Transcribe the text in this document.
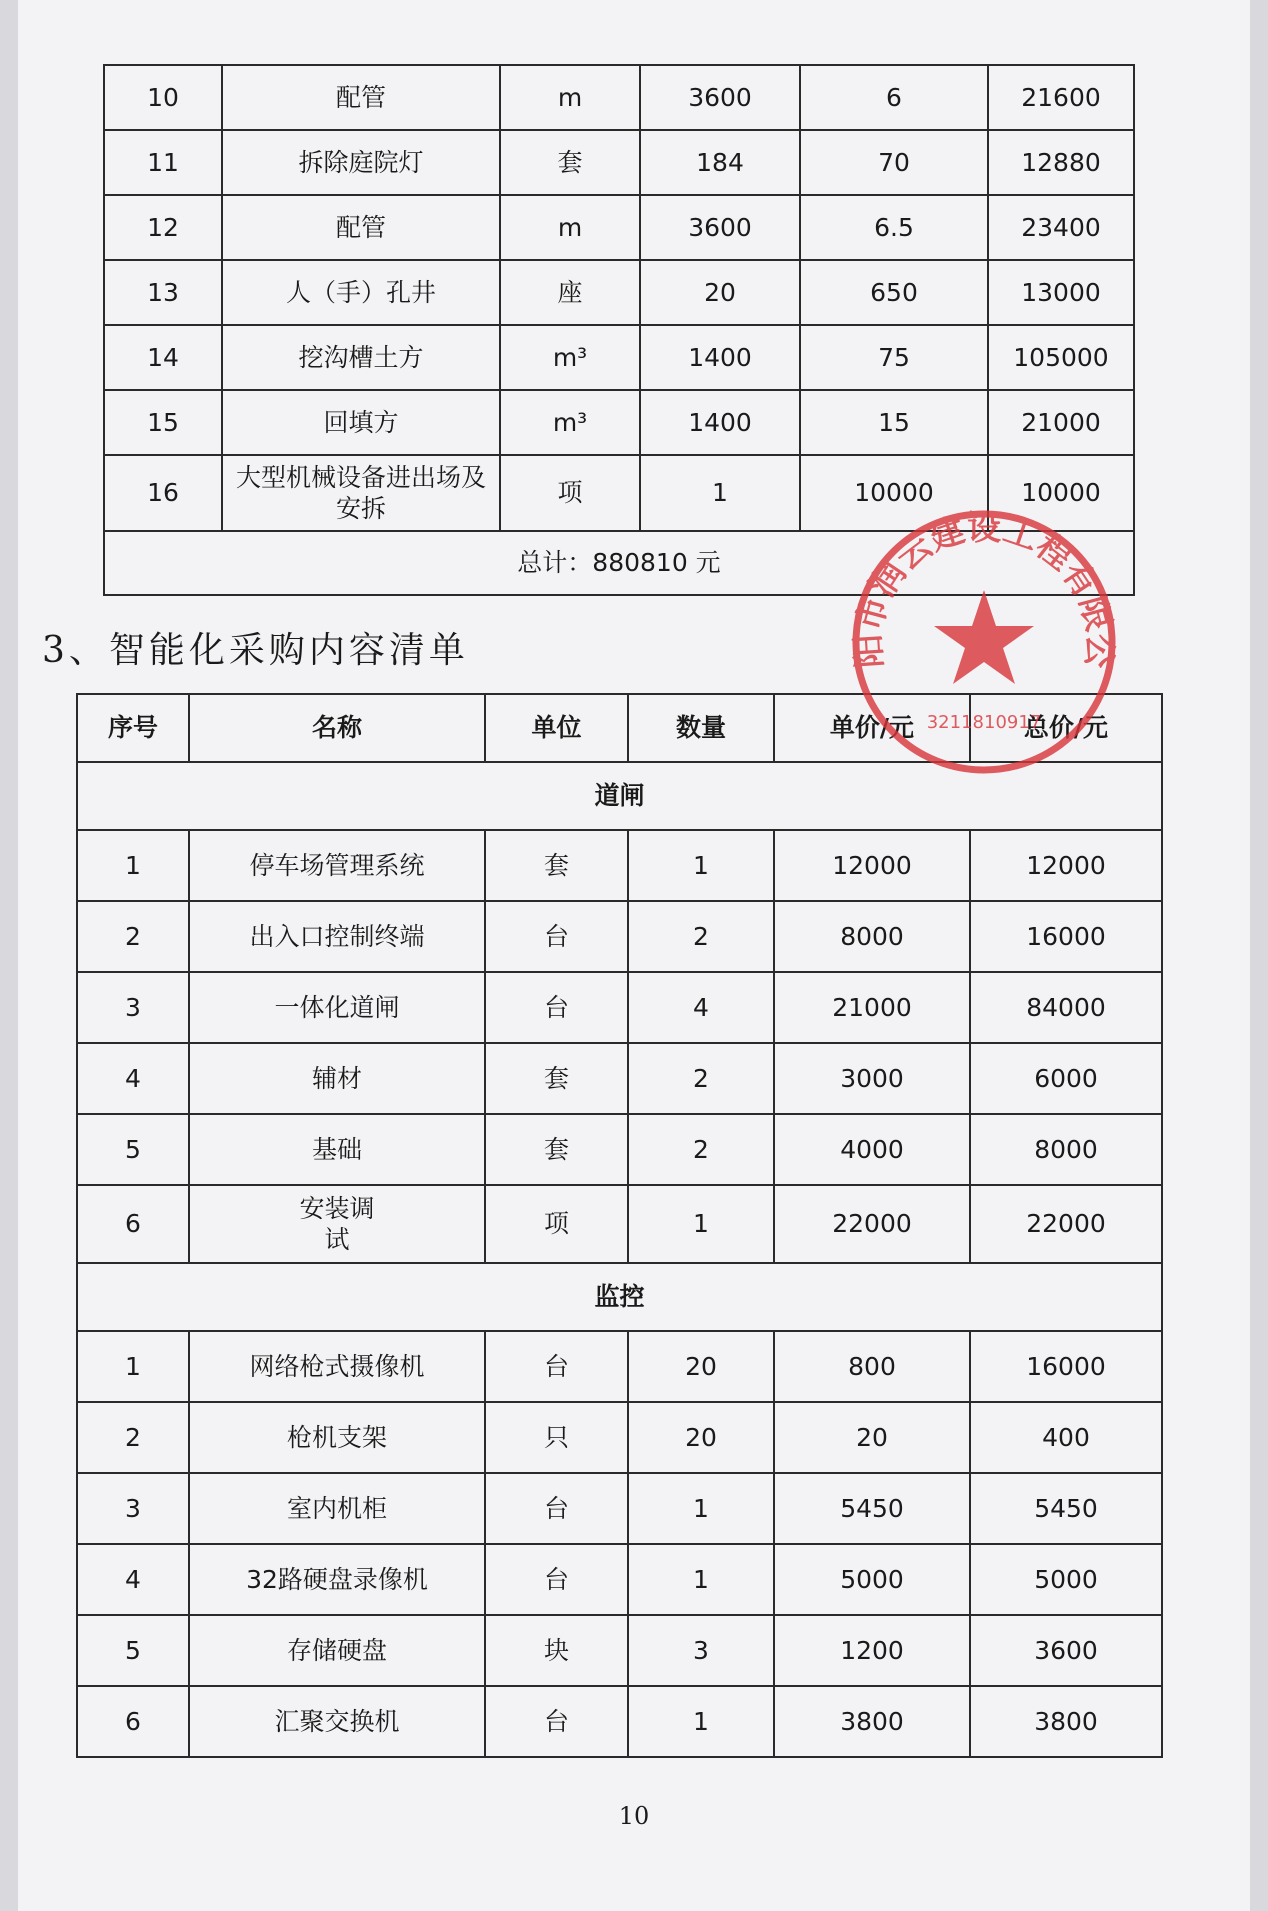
10	配管	m	3600	6	21600
11	拆除庭院灯	套	184	70	12880
12	配管	m	3600	6.5	23400
13	人（手）孔井	座	20	650	13000
14	挖沟槽土方	m³	1400	75	105000
15	回填方	m³	1400	15	21000
16	大型机械设备进出场及安拆	项	1	10000	10000
总计：880810 元					
3、智能化采购内容清单
序号	名称	单位	数量	单价/元	总价/元
道闸					
1	停车场管理系统	套	1	12000	12000
2	出入口控制终端	台	2	8000	16000
3	一体化道闸	台	4	21000	84000
4	辅材	套	2	3000	6000
5	基础	套	2	4000	8000
6	安装调试	项	1	22000	22000
监控					
1	网络枪式摄像机	台	20	800	16000
2	枪机支架	只	20	20	400
3	室内机柜	台	1	5450	5450
4	32路硬盘录像机	台	1	5000	5000
5	存储硬盘	块	3	1200	3600
6	汇聚交换机	台	1	3800	3800
阳市润云建设工程有限公
3211810917
10
